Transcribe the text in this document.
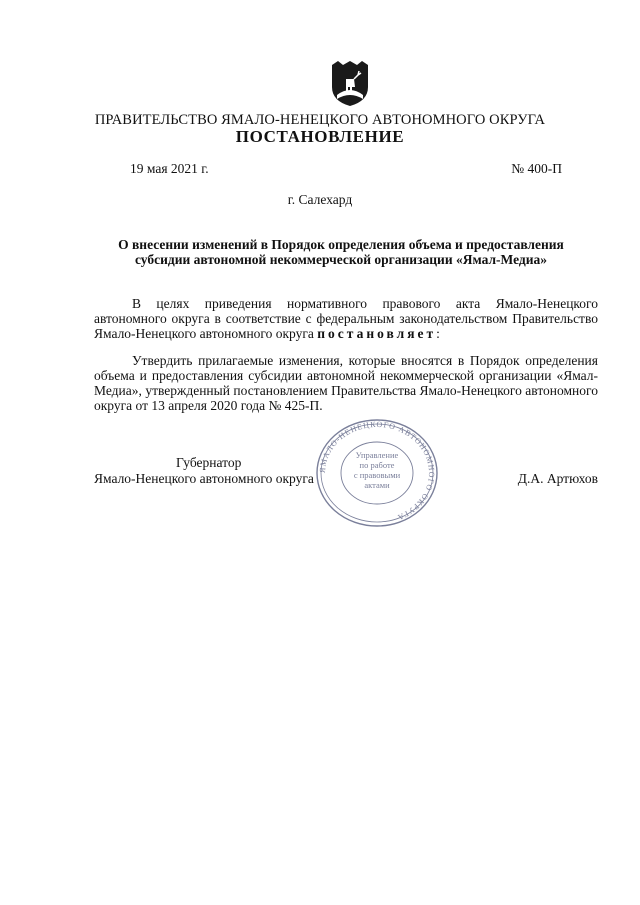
ПРАВИТЕЛЬСТВО ЯМАЛО-НЕНЕЦКОГО АВТОНОМНОГО ОКРУГА
ПОСТАНОВЛЕНИЕ
19 мая 2021 г.	№ 400-П
г. Салехард
О внесении изменений в Порядок определения объема и предоставления субсидии автономной некоммерческой организации «Ямал-Медиа»
В целях приведения нормативного правового акта Ямало-Ненецкого автономного округа в соответствие с федеральным законодательством Правительство Ямало-Ненецкого автономного округа постановляет:
Утвердить прилагаемые изменения, которые вносятся в Порядок определения объема и предоставления субсидии автономной некоммерческой организации «Ямал-Медиа», утвержденный постановлением Правительства Ямало-Ненецкого автономного округа от 13 апреля 2020 года № 425-П.
Губернатор
Ямало-Ненецкого автономного округа	Д.А. Артюхов
ЯМАЛО-НЕНЕЦКОГО АВТОНОМНОГО ОКРУГА
Управление
по работе
с правовыми
актами
